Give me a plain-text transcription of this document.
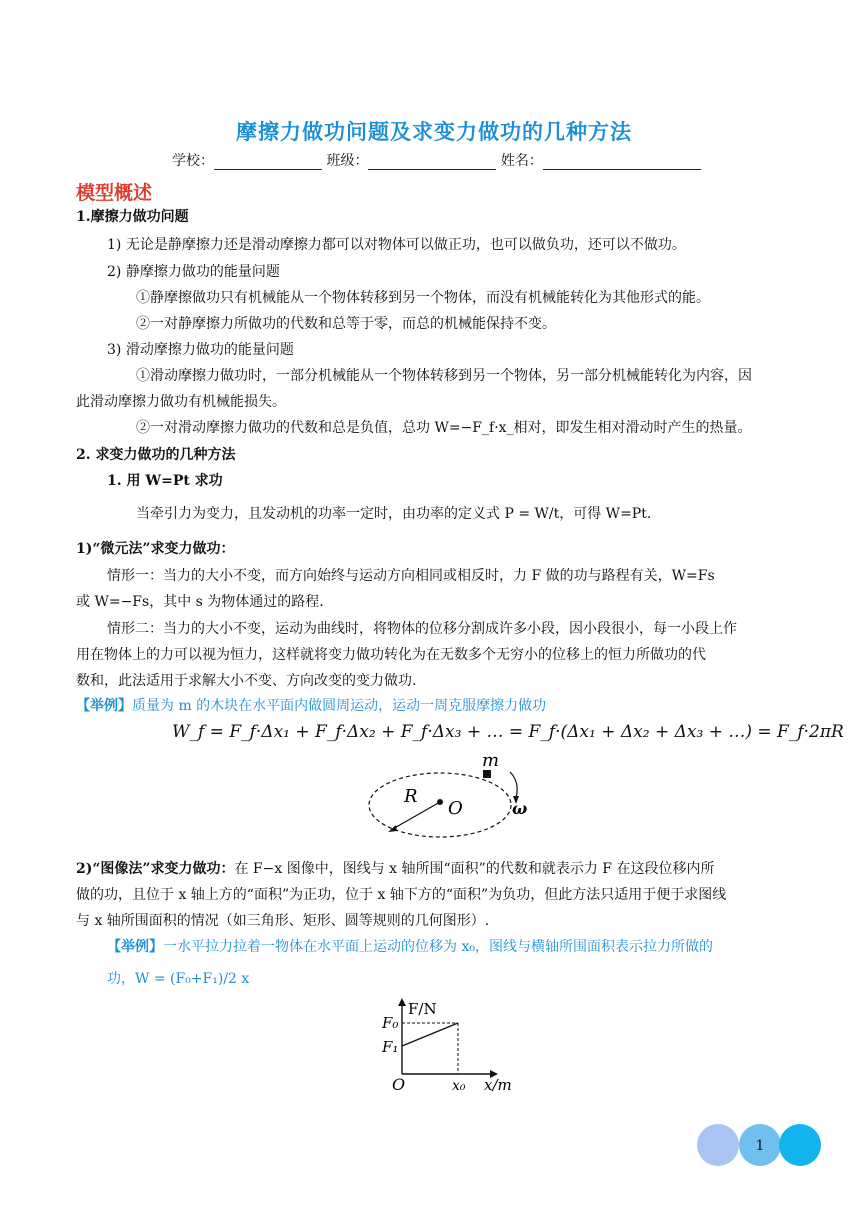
摩擦力做功问题及求变力做功的几种方法
学校：	班级：	姓名：
模型概述
1.摩擦力做功问题
1) 无论是静摩擦力还是滑动摩擦力都可以对物体可以做正功，也可以做负功，还可以不做功。
2) 静摩擦力做功的能量问题
①静摩擦做功只有机械能从一个物体转移到另一个物体，而没有机械能转化为其他形式的能。
②一对静摩擦力所做功的代数和总等于零，而总的机械能保持不变。
3) 滑动摩擦力做功的能量问题
①滑动摩擦力做功时，一部分机械能从一个物体转移到另一个物体，另一部分机械能转化为内容，因
此滑动摩擦力做功有机械能损失。
②一对滑动摩擦力做功的代数和总是负值，总功 W=−F_f·x_相对，即发生相对滑动时产生的热量。
2. 求变力做功的几种方法
1. 用 W=Pt 求功
当牵引力为变力，且发动机的功率一定时，由功率的定义式 P = W/t，可得 W=Pt.
1)“微元法”求变力做功：
情形一：当力的大小不变，而方向始终与运动方向相同或相反时，力 F 做的功与路程有关，W=Fs
或 W=−Fs，其中 s 为物体通过的路程.
情形二：当力的大小不变，运动为曲线时，将物体的位移分割成许多小段，因小段很小，每一小段上作
用在物体上的力可以视为恒力，这样就将变力做功转化为在无数多个无穷小的位移上的恒力所做功的代
数和，此法适用于求解大小不变、方向改变的变力做功.
【举例】质量为 m 的木块在水平面内做圆周运动，运动一周克服摩擦力做功
W_f = F_f·Δx₁ + F_f·Δx₂ + F_f·Δx₃ + … = F_f·(Δx₁ + Δx₂ + Δx₃ + …) = F_f·2πR
m
R
O	ω
2)“图像法”求变力做功：在 F−x 图像中，图线与 x 轴所围“面积”的代数和就表示力 F 在这段位移内所
做的功，且位于 x 轴上方的“面积”为正功，位于 x 轴下方的“面积”为负功，但此方法只适用于便于求图线
与 x 轴所围面积的情况（如三角形、矩形、圆等规则的几何图形）.
【举例】一水平拉力拉着一物体在水平面上运动的位移为 x₀，图线与横轴所围面积表示拉力所做的
功，W = (F₀+F₁)/2 x
F/N
F₀
F₁
O	x₀ x/m
1
